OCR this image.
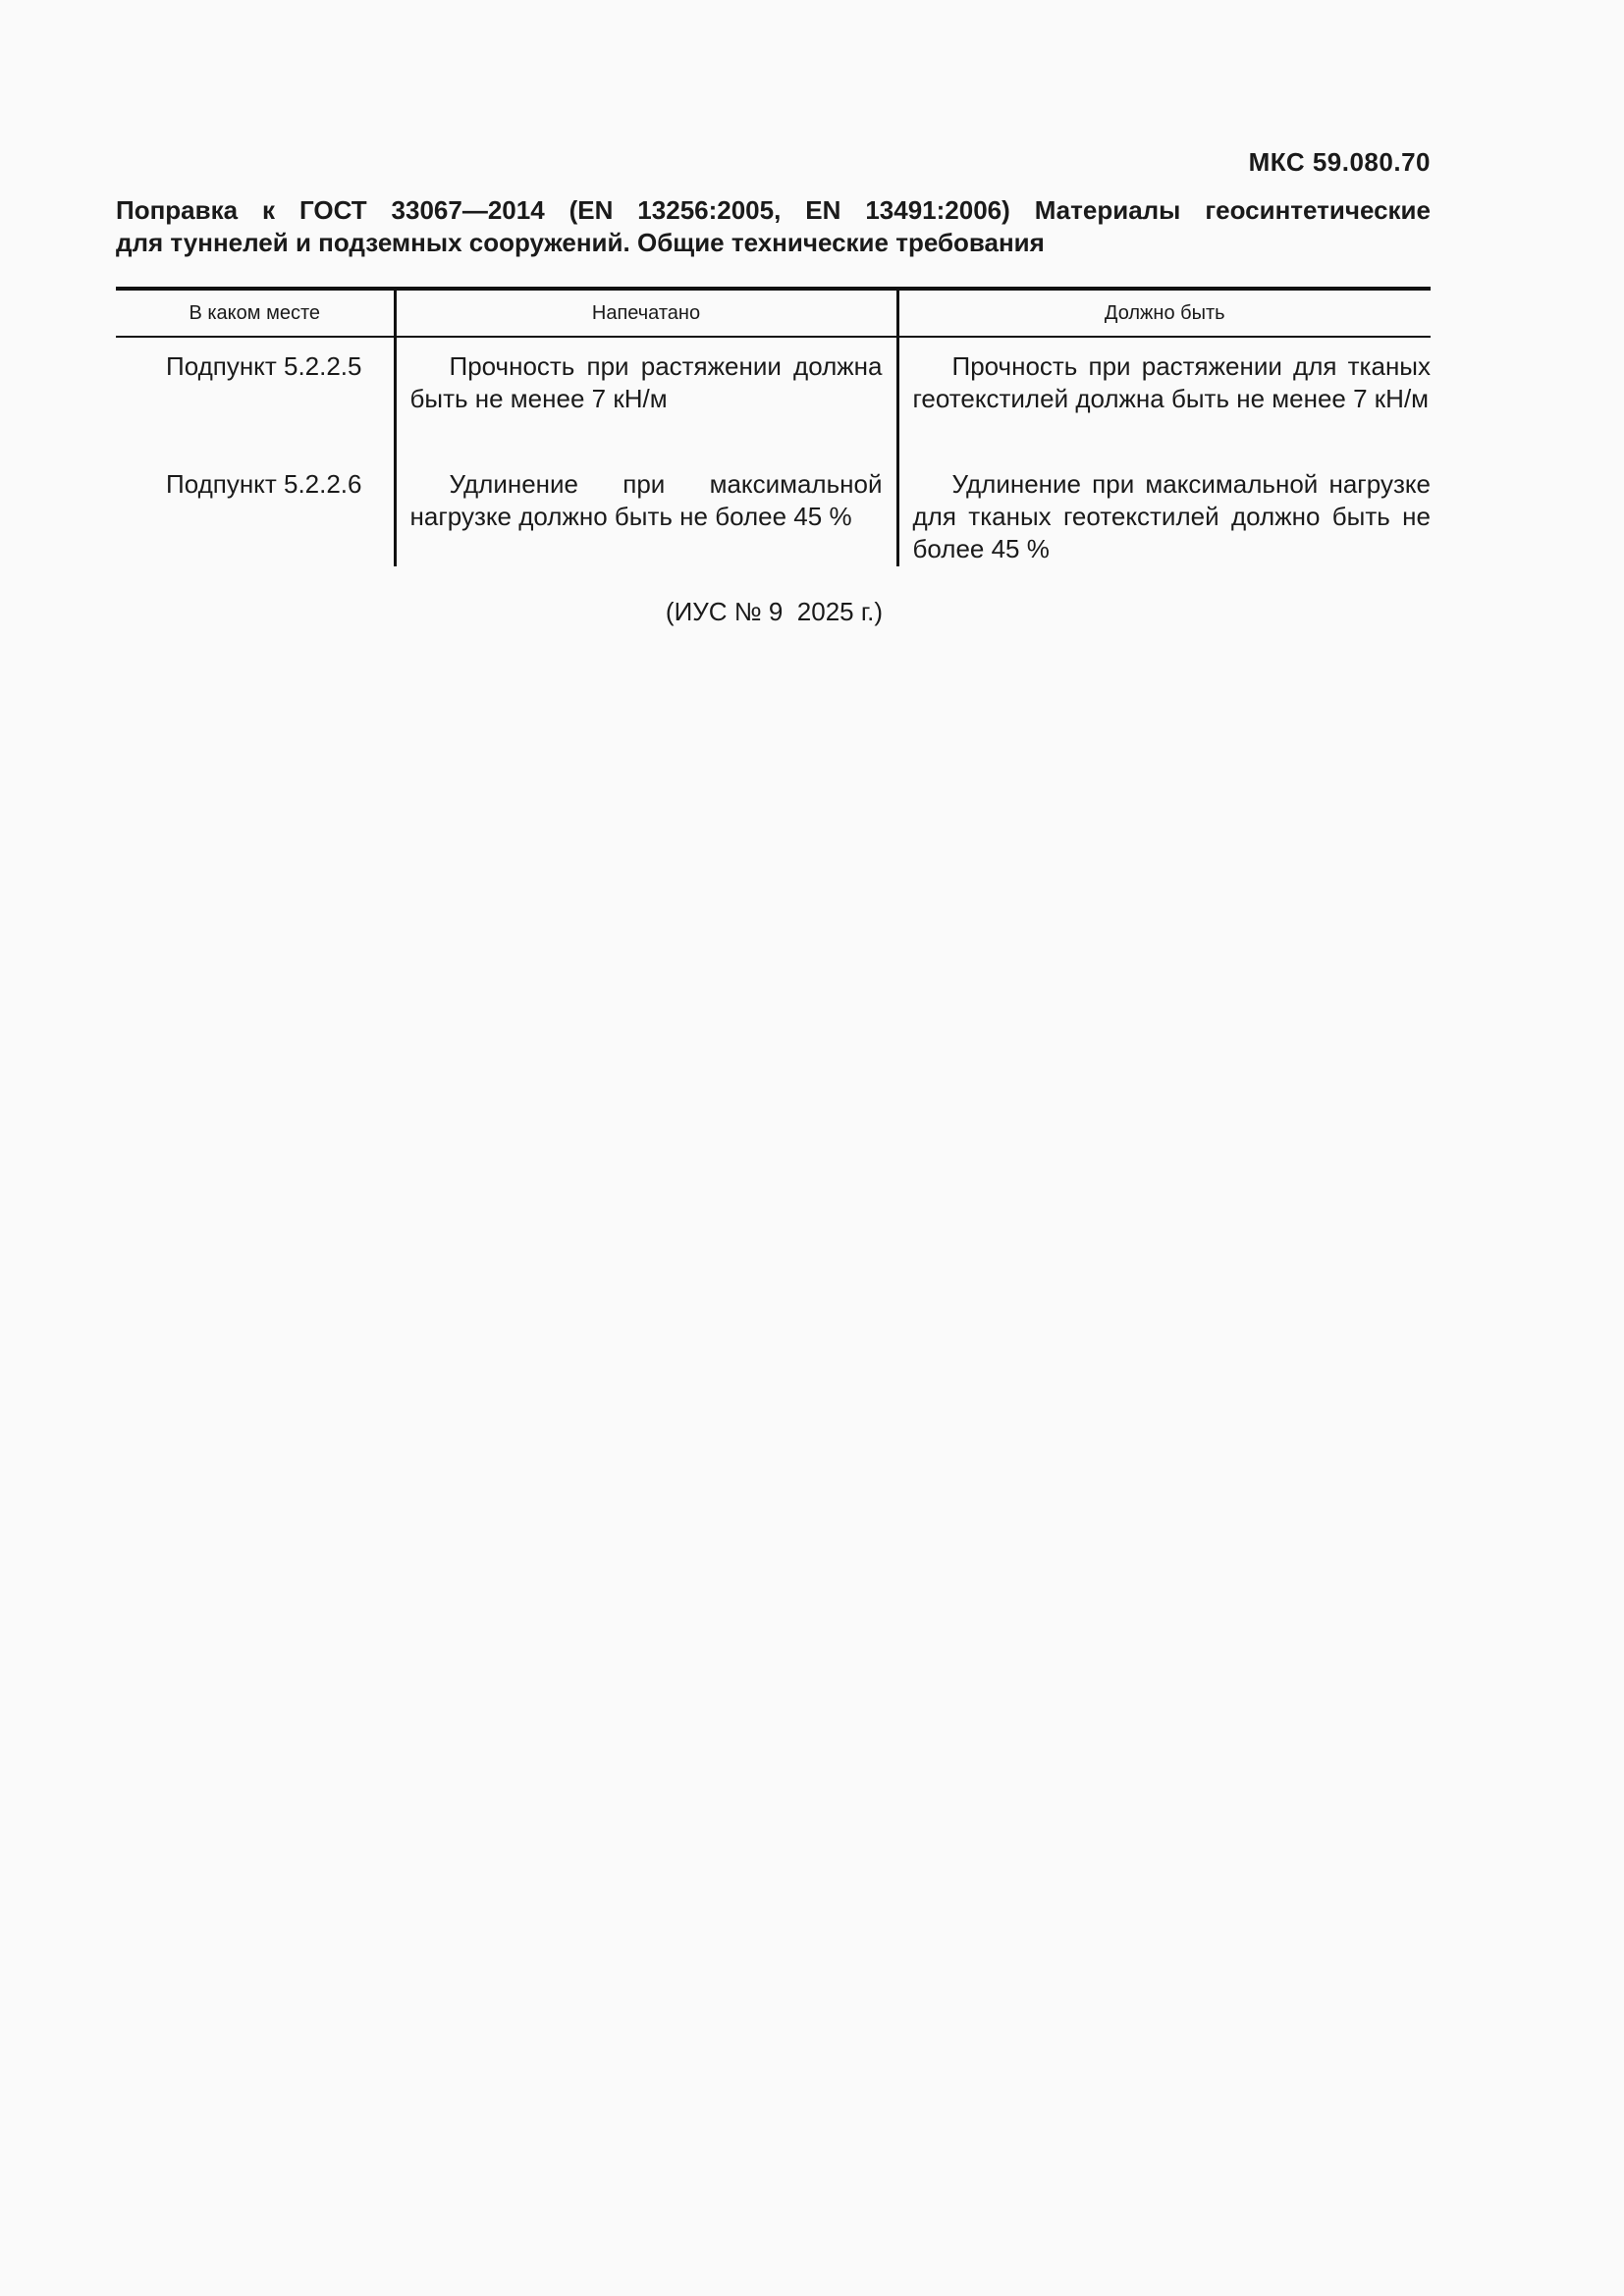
МКС 59.080.70
Поправка к ГОСТ 33067—2014 (EN 13256:2005, EN 13491:2006) Материалы геосинтетические
для туннелей и подземных сооружений. Общие технические требования
В каком месте	Напечатано	Должно быть
Подпункт 5.2.2.5	Прочность при растяжении должна быть не менее 7 кН/м	Прочность при растяжении для тканых геотекстилей должна быть не менее 7 кН/м
Подпункт 5.2.2.6	Удлинение при максимальной нагрузке должно быть не более 45 %	Удлинение при максимальной нагрузке для тканых геотекстилей должно быть не более 45 %
(ИУС № 9  2025 г.)
